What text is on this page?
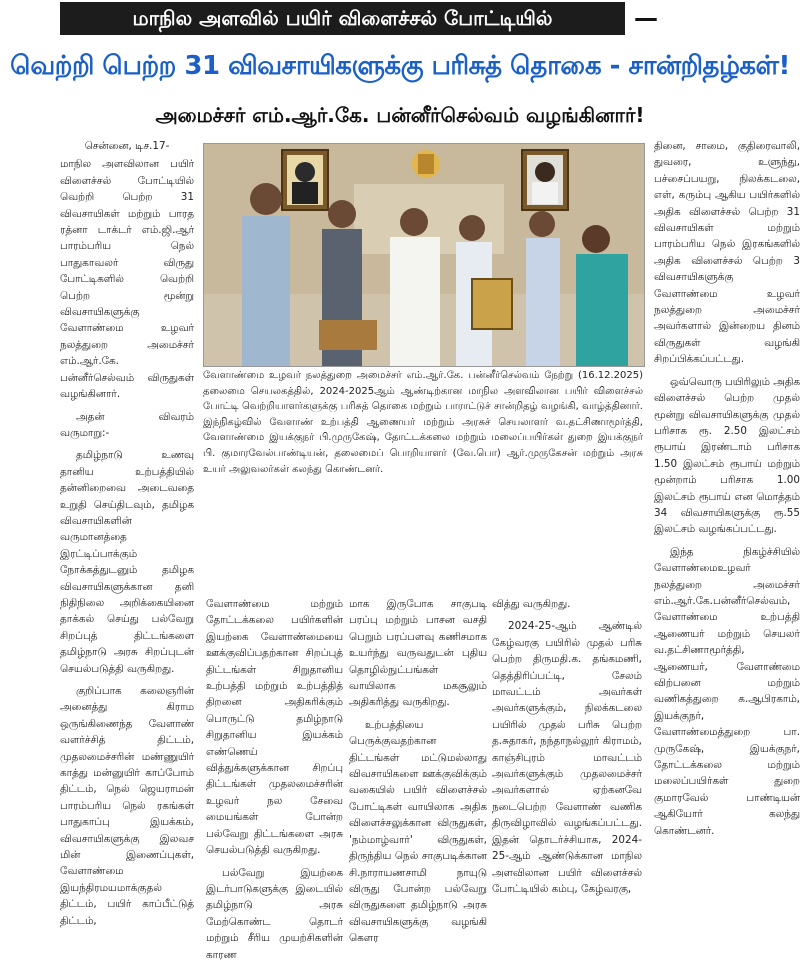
மாநில அளவில் பயிர் விளைச்சல் போட்டியில்	—
வெற்றி பெற்ற 31 விவசாயிகளுக்கு பரிசுத் தொகை - சான்றிதழ்கள்!
அமைச்சர் எம்.ஆர்.கே. பன்னீர்செல்வம் வழங்கினார்!
சென்னை, டிச.17-

மாநில அளவிலான பயிர் விளைச்சல் போட்டியில் வெற்றி பெற்ற 31 விவசாயிகள் மற்றும் பாரத ரத்னா டாக்டர் எம்.ஜி.ஆர் பாரம்பரிய நெல் பாதுகாவலர் விருது போட்டிகளில் வெற்றி பெற்ற மூன்று விவசாயிகளுக்கு வேளாண்மை உழவர் நலத்துறை அமைச்சர் எம்.ஆர்.கே. பன்னீர்செல்வம் விருதுகள் வழங்கினார்.

அதன் விவரம் வருமாறு:-

தமிழ்நாடு உணவு தானிய உற்பத்தியில் தன்னிறைவை அடைவதை உறுதி செய்திடவும், தமிழக விவசாயிகளின் வருமானத்தை இரட்டிப்பாக்கும் நோக்கத்துடனும் தமிழக விவசாயிகளுக்கான தனி நிதிநிலை அறிக்கையினை தாக்கல் செய்து பல்வேறு சிறப்புத் திட்டங்களை தமிழ்நாடு அரசு சிறப்புடன் செயல்படுத்தி வருகிறது.

குறிப்பாக கலைஞரின் அனைத்து கிராம ஒருங்கிணைந்த வேளாண் வளர்ச்சித் திட்டம், முதலமைச்சரின் மண்ணுயிர் காத்து மன்னுயிர் காப்போம் திட்டம், நெல் ஜெயராமன் பாரம்பரிய நெல் ரகங்கள் பாதுகாப்பு இயக்கம், விவசாயிகளுக்கு இலவச மின் இணைப்புகள், வேளாண்மை இயந்திரமயமாக்குதல் திட்டம், பயிர் காப்பீட்டுத் திட்டம்,

வேளாண்மை உழவர் நலத்துறை அமைச்சர் எம்.ஆர்.கே. பன்னீர்செல்வம் நேற்று (16.12.2025) தலைமை செயலகத்தில், 2024-2025ஆம் ஆண்டிற்கான மாநில அளவிலான பயிர் விளைச்சல் போட்டி வெற்றியாளர்களுக்கு பரிசுத் தொகை மற்றும் பாராட்டுச் சான்றிதழ் வழங்கி, வாழ்த்தினார். இந்நிகழ்வில் வேளாண் உற்பத்தி ஆணையர் மற்றும் அரசுச் செயலாளர் வ.தட்சிணாமூர்த்தி, வேளாண்மை இயக்குநர் பி.முருகேஷ், தோட்டக்கலை மற்றும் மலைப்பயிர்கள் துறை இயக்குநர் பி. குமாரவேல்பாண்டியன், தலைமைப் பொறியாளர் (வே.பொ) ஆர்.முருகேசன் மற்றும் அரசு உயர் அலுவலர்கள் கலந்து கொண்டனர்.

வேளாண்மை மற்றும் தோட்டக்கலை பயிர்களின் இயற்கை வேளாண்மையை ஊக்குவிப்பதற்கான சிறப்புத் திட்டங்கள் சிறுதானிய உற்பத்தி மற்றும் உற்பத்தித் திறனை அதிகரிக்கும் பொருட்டு தமிழ்நாடு சிறுதானிய இயக்கம் எண்ணெய் வித்துக்களுக்கான சிறப்பு திட்டங்கள் முதலமைச்சரின் உழவர் நல சேவை மையங்கள் போன்ற பல்வேறு திட்டங்களை அரசு செயல்படுத்தி வருகிறது.

பல்வேறு இயற்கை இடர்பாடுகளுக்கு இடையில் தமிழ்நாடு அரசு மேற்கொண்ட தொடர் மற்றும் சீரிய முயற்சிகளின் காரண

மாக இருபோக சாகுபடி பரப்பு மற்றும் பாசன வசதி பெறும் பரப்பளவு கணிசமாக உயர்ந்து வருவதுடன் புதிய தொழில்நுட்பங்கள் வாயிலாக மகசூலும் அதிகரித்து வருகிறது.

உற்பத்தியை பெருக்குவதற்கான திட்டங்கள் மட்டுமல்லாது விவசாயிகளை ஊக்குவிக்கும் வகையில் பயிர் விளைச்சல் போட்டிகள் வாயிலாக அதிக விளைச்சலுக்கான விருதுகள், 'நம்மாழ்வார்' விருதுகள், திருந்திய நெல் சாகுபடிக்கான சி.நாராயணசாமி நாயுடு விருது போன்ற பல்வேறு விருதுகளை தமிழ்நாடு அரசு விவசாயிகளுக்கு வழங்கி கௌர

வித்து வருகிறது.

2024-25-ஆம் ஆண்டில் கேழ்வரகு பயிரில் முதல் பரிசு பெற்ற திருமதி.க. தங்கமணி, தெத்திரிப்பட்டி, சேலம் மாவட்டம் அவர்கள் அவர்களுக்கும், நிலக்கடலை பயிரில் முதல் பரிசு பெற்ற த.சுதாகர், நந்தாநல்லூர் கிராமம், காஞ்சிபுரம் மாவட்டம் அவர்களுக்கும் முதலமைச்சர் அவர்களால் ஏற்கனவே நடைபெற்ற வேளாண் வணிக திருவிழாவில் வழங்கப்பட்டது. இதன் தொடர்ச்சியாக, 2024-25-ஆம் ஆண்டுக்கான மாநில அளவிலான பயிர் விளைச்சல் போட்டியில் கம்பு, கேழ்வரகு,

தினை, சாமை, குதிரைவாலி, துவரை, உளுந்து, பச்சைப்பயறு, நிலக்கடலை, எள், கரும்பு ஆகிய பயிர்களில் அதிக விளைச்சல் பெற்ற 31 விவசாயிகள் மற்றும் பாரம்பரிய நெல் இரகங்களில் அதிக விளைச்சல் பெற்ற 3 விவசாயிகளுக்கு வேளாண்மை உழவர் நலத்துறை அமைச்சர் அவர்களால் இன்றைய தினம் விருதுகள் வழங்கி சிறப்பிக்கப்பட்டது.

ஒவ்வொரு பயிரிலும் அதிக விளைச்சல் பெற்ற முதல் மூன்று விவசாயிகளுக்கு முதல் பரிசாக ரூ. 2.50 இலட்சம் ரூபாய் இரண்டாம் பரிசாக 1.50 இலட்சம் ரூபாய் மற்றும் மூன்றாம் பரிசாக 1.00 இலட்சம் ரூபாய் என மொத்தம் 34 விவசாயிகளுக்கு ரூ.55 இலட்சம் வழங்கப்பட்டது.

இந்த நிகழ்ச்சியில் வேளாண்மைஉழவர் நலத்துறை அமைச்சர் எம்.ஆர்.கே.பன்னீர்செல்வம், வேளாண்மை உற்பத்தி ஆணையர் மற்றும் செயலர் வ.தட்சிணாமூர்த்தி, ஆணையர், வேளாண்மை விற்பனை மற்றும் வணிகத்துறை க.ஆபிரகாம், இயக்குநர், வேளாண்மைத்துறை பா. முருகேஷ், இயக்குநர், தோட்டக்கலை மற்றும் மலைப்பயிர்கள் துறை குமாரவேல் பாண்டியன் ஆகியோர் கலந்து கொண்டனர்.
